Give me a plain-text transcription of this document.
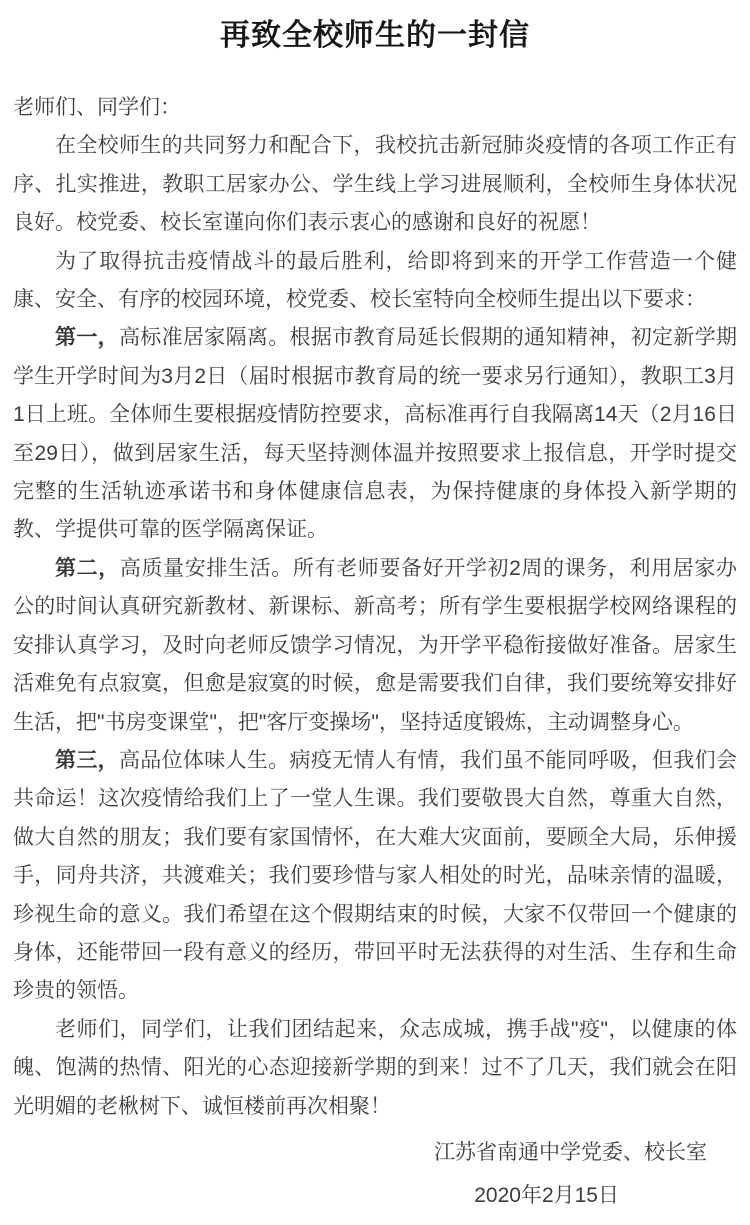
再致全校师生的一封信

老师们、同学们：

在全校师生的共同努力和配合下，我校抗击新冠肺炎疫情的各项工作正有序、扎实推进，教职工居家办公、学生线上学习进展顺利，全校师生身体状况良好。校党委、校长室谨向你们表示衷心的感谢和良好的祝愿！

为了取得抗击疫情战斗的最后胜利，给即将到来的开学工作营造一个健康、安全、有序的校园环境，校党委、校长室特向全校师生提出以下要求：

第一，高标准居家隔离。根据市教育局延长假期的通知精神，初定新学期学生开学时间为3月2日（届时根据市教育局的统一要求另行通知），教职工3月1日上班。全体师生要根据疫情防控要求，高标准再行自我隔离14天（2月16日至29日），做到居家生活，每天坚持测体温并按照要求上报信息，开学时提交完整的生活轨迹承诺书和身体健康信息表，为保持健康的身体投入新学期的教、学提供可靠的医学隔离保证。

第二，高质量安排生活。所有老师要备好开学初2周的课务，利用居家办公的时间认真研究新教材、新课标、新高考；所有学生要根据学校网络课程的安排认真学习，及时向老师反馈学习情况，为开学平稳衔接做好准备。居家生活难免有点寂寞，但愈是寂寞的时候，愈是需要我们自律，我们要统筹安排好生活，把"书房变课堂"，把"客厅变操场"，坚持适度锻炼，主动调整身心。

第三，高品位体味人生。病疫无情人有情，我们虽不能同呼吸，但我们会共命运！这次疫情给我们上了一堂人生课。我们要敬畏大自然，尊重大自然，做大自然的朋友；我们要有家国情怀，在大难大灾面前，要顾全大局，乐伸援手，同舟共济，共渡难关；我们要珍惜与家人相处的时光，品味亲情的温暖，珍视生命的意义。我们希望在这个假期结束的时候，大家不仅带回一个健康的身体，还能带回一段有意义的经历，带回平时无法获得的对生活、生存和生命珍贵的领悟。

老师们，同学们，让我们团结起来，众志成城，携手战"疫"，以健康的体魄、饱满的热情、阳光的心态迎接新学期的到来！过不了几天，我们就会在阳光明媚的老楸树下、诚恒楼前再次相聚！

江苏省南通中学党委、校长室

2020年2月15日
